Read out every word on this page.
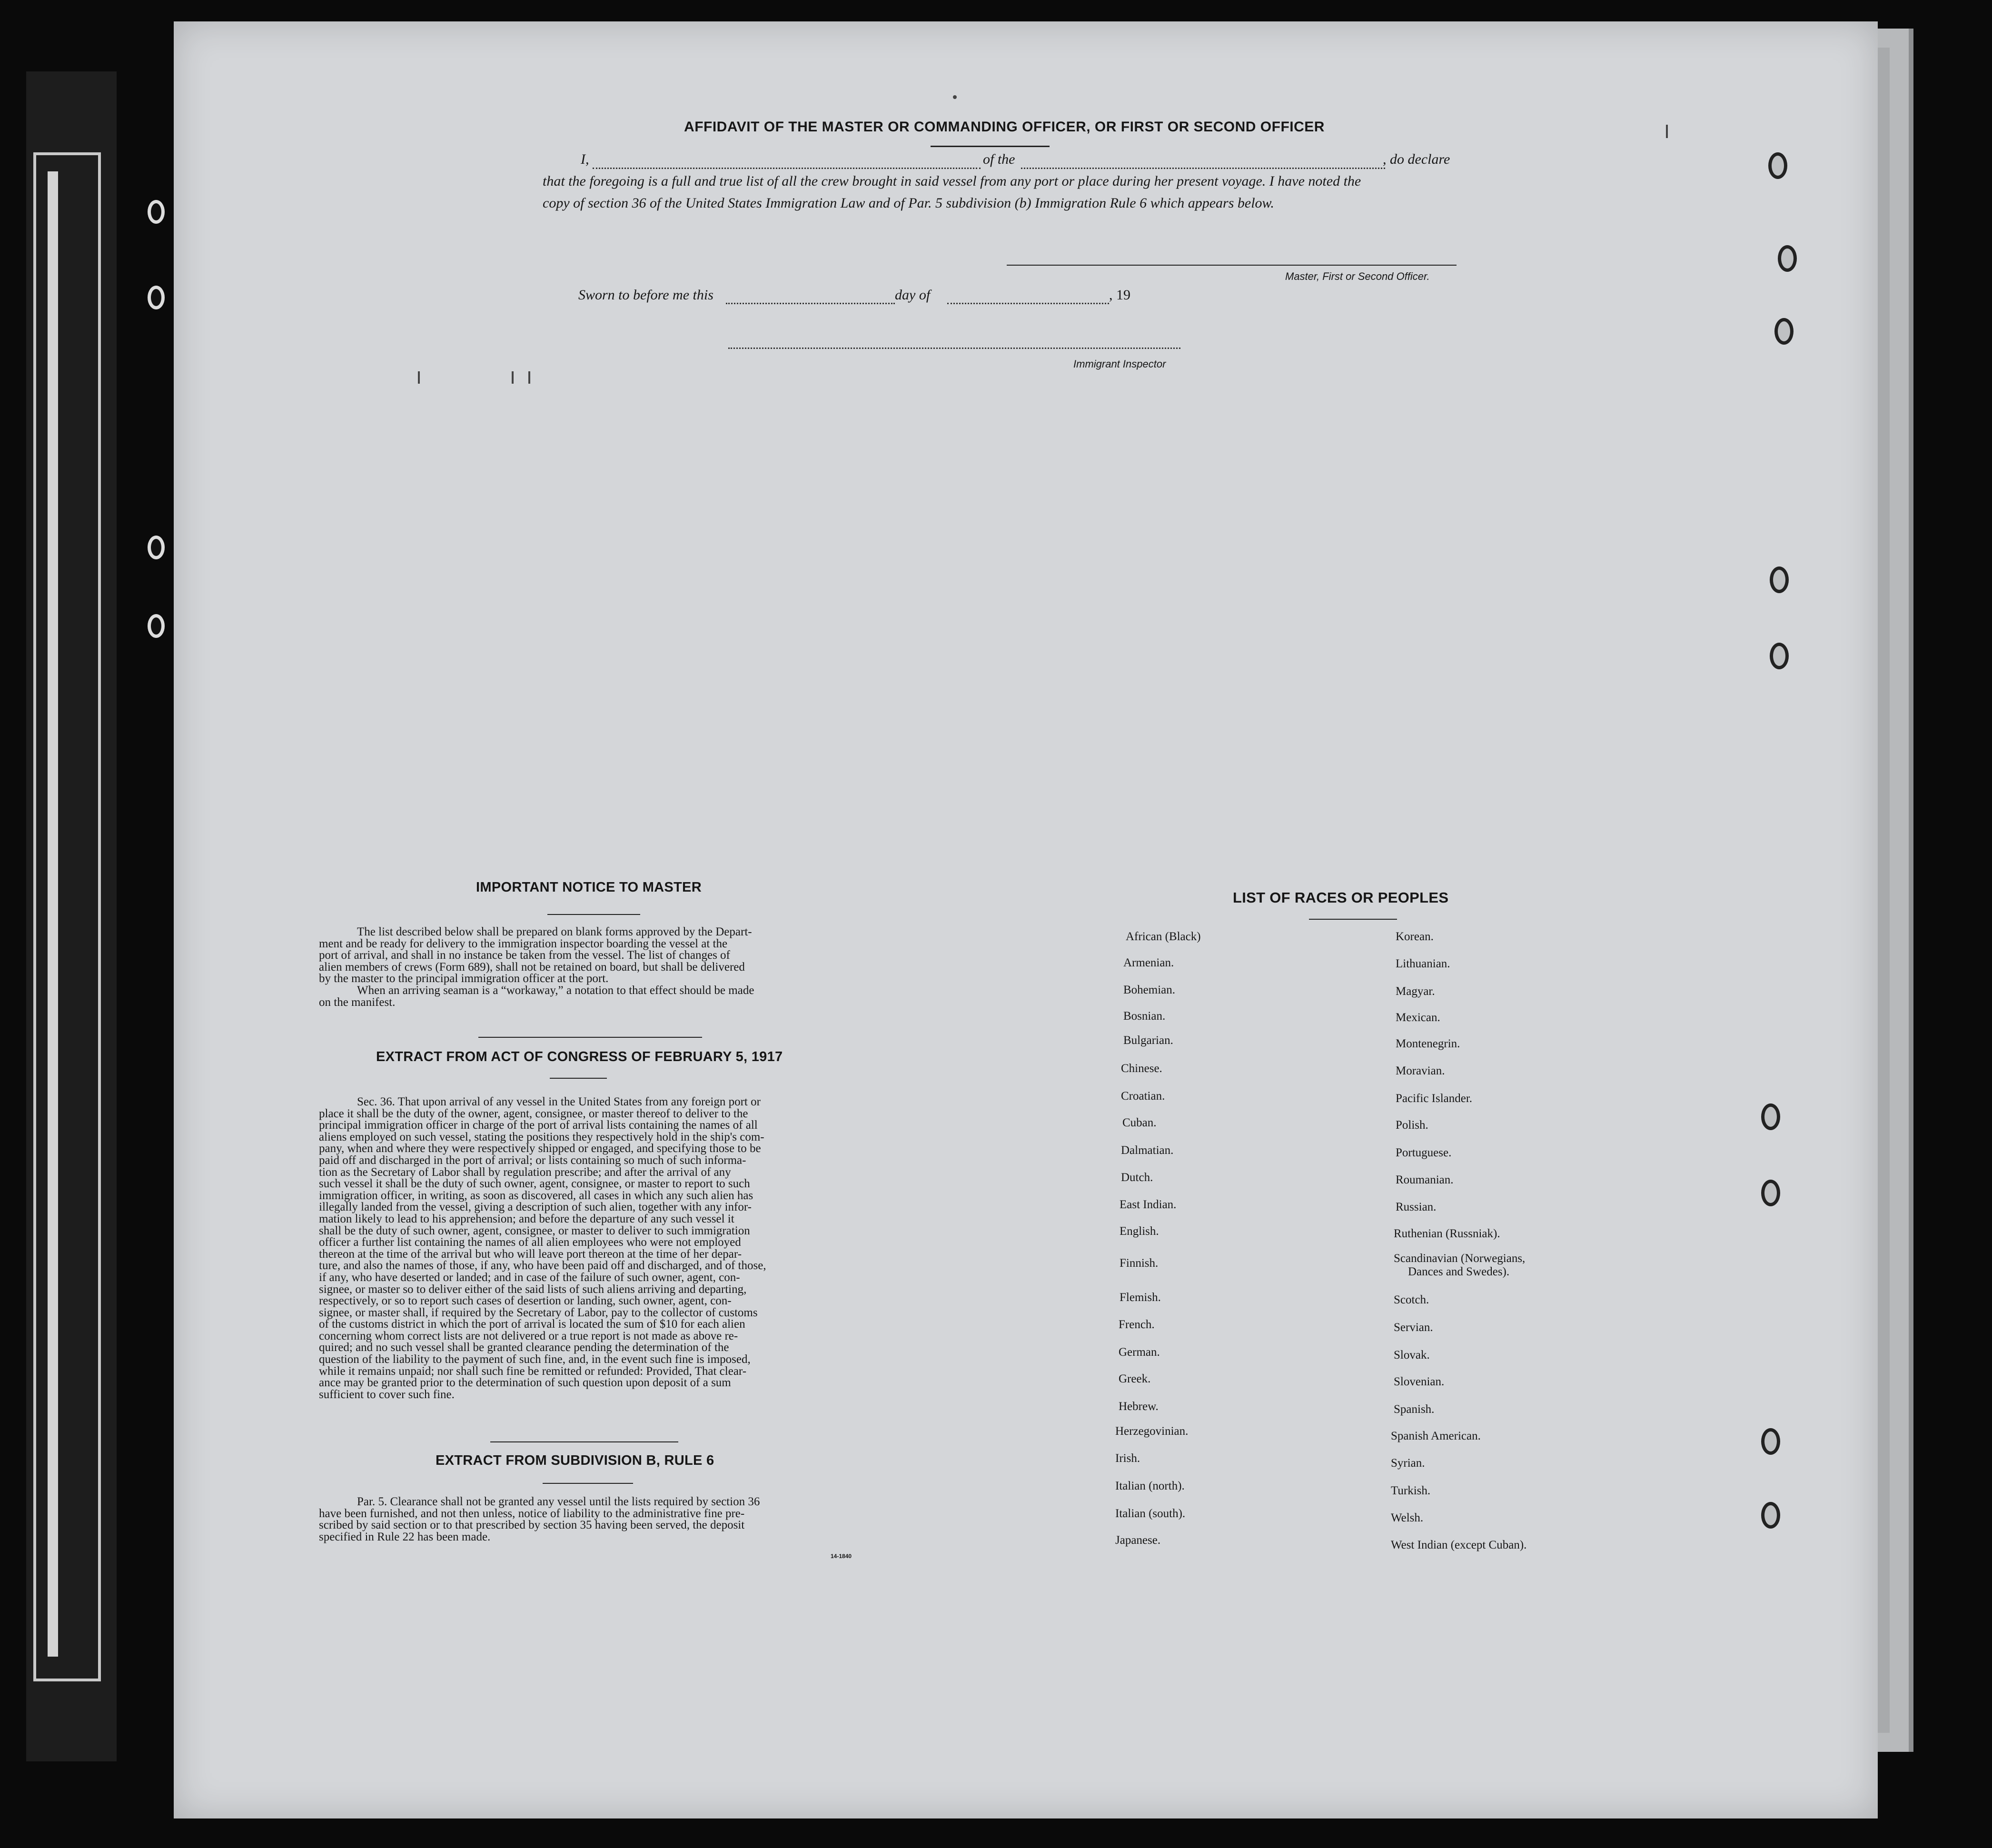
AFFIDAVIT OF THE MASTER OR COMMANDING OFFICER, OR FIRST OR SECOND OFFICER
I,	of the	, do declare
that the foregoing is a full and true list of all the crew brought in said vessel from any port or place during her present voyage. I have noted the
copy of section 36 of the United States Immigration Law and of Par. 5 subdivision (b) Immigration Rule 6 which appears below.
Master, First or Second Officer.
Sworn to before me this	day of	, 19
Immigrant Inspector
IMPORTANT NOTICE TO MASTER
The list described below shall be prepared on blank forms approved by the Depart-
ment and be ready for delivery to the immigration inspector boarding the vessel at the
port of arrival, and shall in no instance be taken from the vessel. The list of changes of
alien members of crews (Form 689), shall not be retained on board, but shall be delivered
by the master to the principal immigration officer at the port.
When an arriving seaman is a “workaway,” a notation to that effect should be made
on the manifest.
EXTRACT FROM ACT OF CONGRESS OF FEBRUARY 5, 1917
Sec. 36. That upon arrival of any vessel in the United States from any foreign port or
place it shall be the duty of the owner, agent, consignee, or master thereof to deliver to the
principal immigration officer in charge of the port of arrival lists containing the names of all
aliens employed on such vessel, stating the positions they respectively hold in the ship's com-
pany, when and where they were respectively shipped or engaged, and specifying those to be
paid off and discharged in the port of arrival; or lists containing so much of such informa-
tion as the Secretary of Labor shall by regulation prescribe; and after the arrival of any
such vessel it shall be the duty of such owner, agent, consignee, or master to report to such
immigration officer, in writing, as soon as discovered, all cases in which any such alien has
illegally landed from the vessel, giving a description of such alien, together with any infor-
mation likely to lead to his apprehension; and before the departure of any such vessel it
shall be the duty of such owner, agent, consignee, or master to deliver to such immigration
officer a further list containing the names of all alien employees who were not employed
thereon at the time of the arrival but who will leave port thereon at the time of her depar-
ture, and also the names of those, if any, who have been paid off and discharged, and of those,
if any, who have deserted or landed; and in case of the failure of such owner, agent, con-
signee, or master so to deliver either of the said lists of such aliens arriving and departing,
respectively, or so to report such cases of desertion or landing, such owner, agent, con-
signee, or master shall, if required by the Secretary of Labor, pay to the collector of customs
of the customs district in which the port of arrival is located the sum of $10 for each alien
concerning whom correct lists are not delivered or a true report is not made as above re-
quired; and no such vessel shall be granted clearance pending the determination of the
question of the liability to the payment of such fine, and, in the event such fine is imposed,
while it remains unpaid; nor shall such fine be remitted or refunded: Provided, That clear-
ance may be granted prior to the determination of such question upon deposit of a sum
sufficient to cover such fine.
EXTRACT FROM SUBDIVISION B, RULE 6
Par. 5. Clearance shall not be granted any vessel until the lists required by section 36
have been furnished, and not then unless, notice of liability to the administrative fine pre-
scribed by said section or to that prescribed by section 35 having been served, the deposit
specified in Rule 22 has been made.
14-1840
LIST OF RACES OR PEOPLES
African (Black)
Armenian.
Bohemian.
Bosnian.
Bulgarian.
Chinese.
Croatian.
Cuban.
Dalmatian.
Dutch.
East Indian.
English.
Finnish.
Flemish.
French.
German.
Greek.
Hebrew.
Herzegovinian.
Irish.
Italian (north).
Italian (south).
Japanese.
Korean.
Lithuanian.
Magyar.
Mexican.
Montenegrin.
Moravian.
Pacific Islander.
Polish.
Portuguese.
Roumanian.
Russian.
Ruthenian (Russniak).
Scandinavian (Norwegians,
Dances and Swedes).
Scotch.
Servian.
Slovak.
Slovenian.
Spanish.
Spanish American.
Syrian.
Turkish.
Welsh.
West Indian (except Cuban).
